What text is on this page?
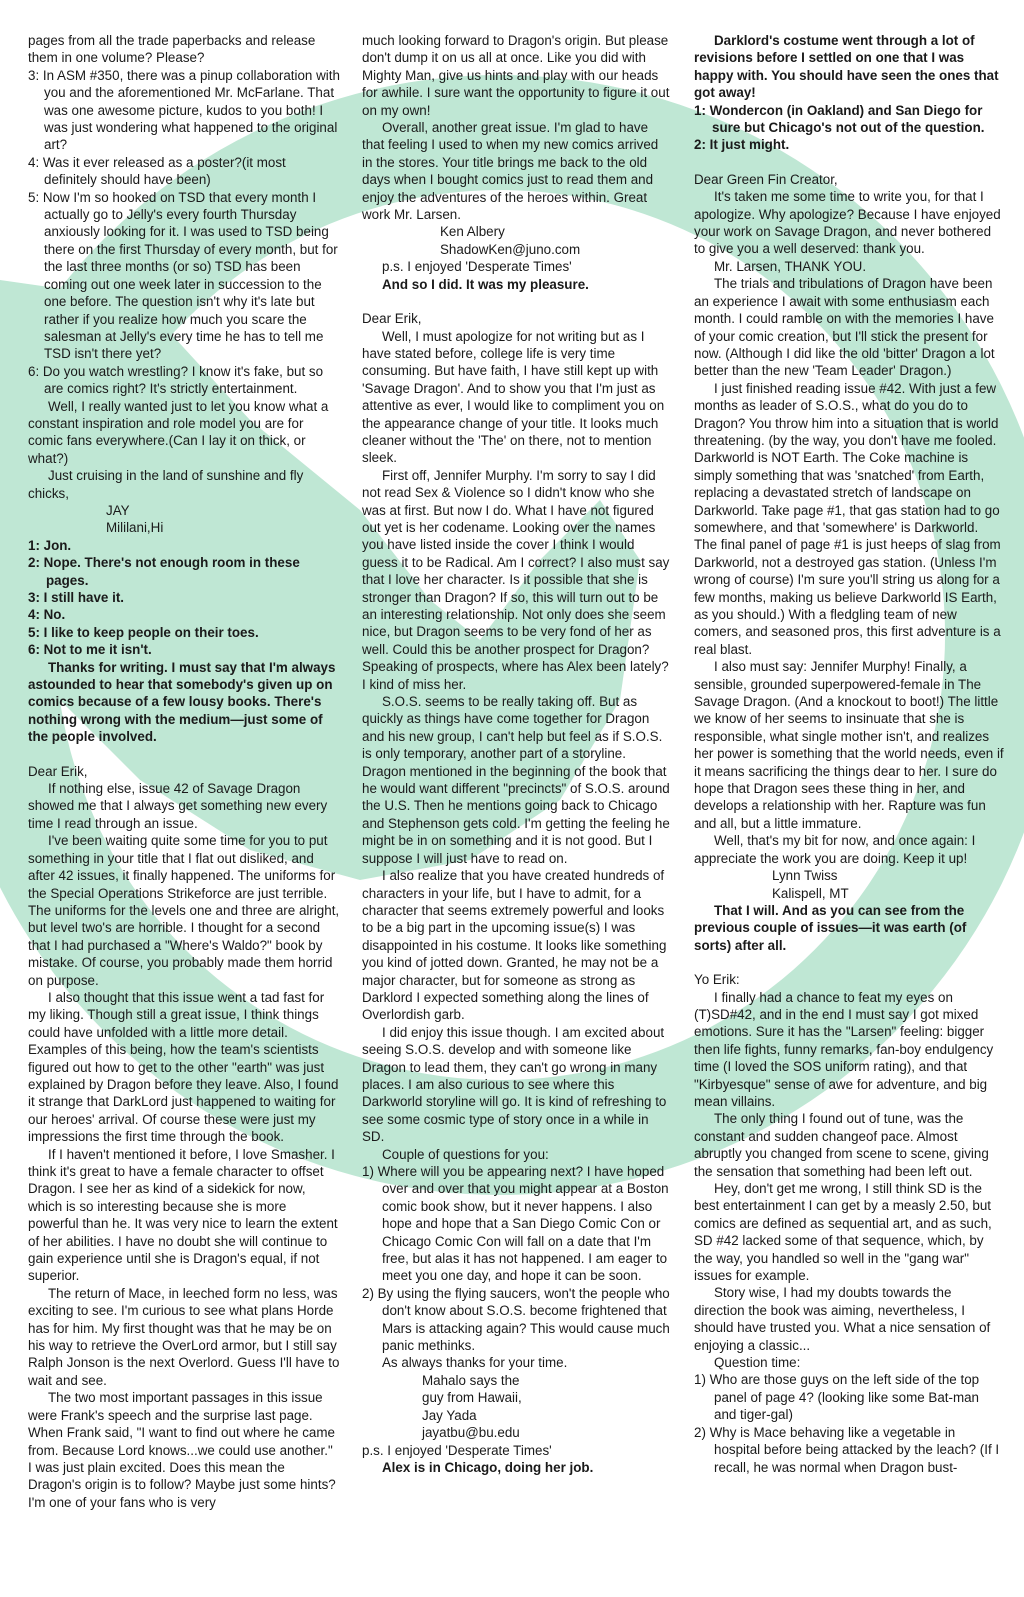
pages from all the trade paperbacks and release them in one volume? Please?

3: In ASM #350, there was a pinup collaboration with you and the aforementioned Mr. McFarlane. That was one awesome picture, kudos to you both! I was just wondering what happened to the original art?

4: Was it ever released as a poster?(it most definitely should have been)

5: Now I'm so hooked on TSD that every month I actually go to Jelly's every fourth Thursday anxiously looking for it. I was used to TSD being there on the first Thursday of every month, but for the last three months (or so) TSD has been coming out one week later in succession to the one before. The question isn't why it's late but rather if you realize how much you scare the salesman at Jelly's every time he has to tell me TSD isn't there yet?

6: Do you watch wrestling? I know it's fake, but so are comics right? It's strictly entertainment.

Well, I really wanted just to let you know what a constant inspiration and role model you are for comic fans everywhere.(Can I lay it on thick, or what?)

Just cruising in the land of sunshine and fly chicks,

JAY

Mililani,Hi

1: Jon.

2: Nope. There's not enough room in these pages.

3: I still have it.

4: No.

5: I like to keep people on their toes.

6: Not to me it isn't.

Thanks for writing. I must say that I'm always astounded to hear that somebody's given up on comics because of a few lousy books. There's nothing wrong with the medium—just some of the people involved.

Dear Erik,

If nothing else, issue 42 of Savage Dragon showed me that I always get something new every time I read through an issue.

I've been waiting quite some time for you to put something in your title that I flat out disliked, and after 42 issues, it finally happened. The uniforms for the Special Operations Strikeforce are just terrible. The uniforms for the levels one and three are alright, but level two's are horrible. I thought for a second that I had purchased a "Where's Waldo?" book by mistake. Of course, you probably made them horrid on purpose.

I also thought that this issue went a tad fast for my liking. Though still a great issue, I think things could have unfolded with a little more detail. Examples of this being, how the team's scientists figured out how to get to the other "earth" was just explained by Dragon before they leave. Also, I found it strange that DarkLord just happened to waiting for our heroes' arrival. Of course these were just my impressions the first time through the book.

If I haven't mentioned it before, I love Smasher. I think it's great to have a female character to offset Dragon. I see her as kind of a sidekick for now, which is so interesting because she is more powerful than he. It was very nice to learn the extent of her abilities. I have no doubt she will continue to gain experience until she is Dragon's equal, if not superior.

The return of Mace, in leeched form no less, was exciting to see. I'm curious to see what plans Horde has for him. My first thought was that he may be on his way to retrieve the OverLord armor, but I still say Ralph Jonson is the next Overlord. Guess I'll have to wait and see.

The two most important passages in this issue were Frank's speech and the surprise last page. When Frank said, "I want to find out where he came from. Because Lord knows...we could use another." I was just plain excited. Does this mean the Dragon's origin is to follow? Maybe just some hints? I'm one of your fans who is very

much looking forward to Dragon's origin. But please don't dump it on us all at once. Like you did with Mighty Man, give us hints and play with our heads for awhile. I sure want the opportunity to figure it out on my own!

Overall, another great issue. I'm glad to have that feeling I used to when my new comics arrived in the stores. Your title brings me back to the old days when I bought comics just to read them and enjoy the adventures of the heroes within. Great work Mr. Larsen.

Ken Albery

ShadowKen@juno.com

p.s. I enjoyed 'Desperate Times'

And so I did. It was my pleasure.

Dear Erik,

Well, I must apologize for not writing but as I have stated before, college life is very time consuming. But have faith, I have still kept up with 'Savage Dragon'. And to show you that I'm just as attentive as ever, I would like to compliment you on the appearance change of your title. It looks much cleaner without the 'The' on there, not to mention sleek.

First off, Jennifer Murphy. I'm sorry to say I did not read Sex & Violence so I didn't know who she was at first. But now I do. What I have not figured out yet is her codename. Looking over the names you have listed inside the cover I think I would guess it to be Radical. Am I correct? I also must say that I love her character. Is it possible that she is stronger than Dragon? If so, this will turn out to be an interesting relationship. Not only does she seem nice, but Dragon seems to be very fond of her as well. Could this be another prospect for Dragon? Speaking of prospects, where has Alex been lately? I kind of miss her.

S.O.S. seems to be really taking off. But as quickly as things have come together for Dragon and his new group, I can't help but feel as if S.O.S. is only temporary, another part of a storyline. Dragon mentioned in the beginning of the book that he would want different "precincts" of S.O.S. around the U.S. Then he mentions going back to Chicago and Stephenson gets cold. I'm getting the feeling he might be in on something and it is not good. But I suppose I will just have to read on.

I also realize that you have created hundreds of characters in your life, but I have to admit, for a character that seems extremely powerful and looks to be a big part in the upcoming issue(s) I was disappointed in his costume. It looks like something you kind of jotted down. Granted, he may not be a major character, but for someone as strong as Darklord I expected something along the lines of Overlordish garb.

I did enjoy this issue though. I am excited about seeing S.O.S. develop and with someone like Dragon to lead them, they can't go wrong in many places. I am also curious to see where this Darkworld storyline will go. It is kind of refreshing to see some cosmic type of story once in a while in SD.

Couple of questions for you:

1) Where will you be appearing next? I have hoped over and over that you might appear at a Boston comic book show, but it never happens. I also hope and hope that a San Diego Comic Con or Chicago Comic Con will fall on a date that I'm free, but alas it has not happened. I am eager to meet you one day, and hope it can be soon.

2) By using the flying saucers, won't the people who don't know about S.O.S. become frightened that Mars is attacking again? This would cause much panic methinks.

As always thanks for your time.

Mahalo says the

guy from Hawaii,

Jay Yada

jayatbu@bu.edu

p.s. I enjoyed 'Desperate Times'

Alex is in Chicago, doing her job.

Darklord's costume went through a lot of revisions before I settled on one that I was happy with. You should have seen the ones that got away!

1: Wondercon (in Oakland) and San Diego for sure but Chicago's not out of the question.

2: It just might.

Dear Green Fin Creator,

It's taken me some time to write you, for that I apologize. Why apologize? Because I have enjoyed your work on Savage Dragon, and never bothered to give you a well deserved: thank you.

Mr. Larsen, THANK YOU.

The trials and tribulations of Dragon have been an experience I await with some enthusiasm each month. I could ramble on with the memories I have of your comic creation, but I'll stick the present for now. (Although I did like the old 'bitter' Dragon a lot better than the new 'Team Leader' Dragon.)

I just finished reading issue #42. With just a few months as leader of S.O.S., what do you do to Dragon? You throw him into a situation that is world threatening. (by the way, you don't have me fooled. Darkworld is NOT Earth. The Coke machine is simply something that was 'snatched' from Earth, replacing a devastated stretch of landscape on Darkworld. Take page #1, that gas station had to go somewhere, and that 'somewhere' is Darkworld. The final panel of page #1 is just heeps of slag from Darkworld, not a destroyed gas station. (Unless I'm wrong of course) I'm sure you'll string us along for a few months, making us believe Darkworld IS Earth, as you should.) With a fledgling team of new comers, and seasoned pros, this first adventure is a real blast.

I also must say: Jennifer Murphy! Finally, a sensible, grounded superpowered-female in The Savage Dragon. (And a knockout to boot!) The little we know of her seems to insinuate that she is responsible, what single mother isn't, and realizes her power is something that the world needs, even if it means sacrificing the things dear to her. I sure do hope that Dragon sees these thing in her, and develops a relationship with her. Rapture was fun and all, but a little immature.

Well, that's my bit for now, and once again: I appreciate the work you are doing. Keep it up!

Lynn Twiss

Kalispell, MT

That I will. And as you can see from the previous couple of issues—it was earth (of sorts) after all.

Yo Erik:

I finally had a chance to feat my eyes on (T)SD#42, and in the end I must say I got mixed emotions. Sure it has the "Larsen" feeling: bigger then life fights, funny remarks, fan-boy endulgency time (I loved the SOS uniform rating), and that "Kirbyesque" sense of awe for adventure, and big mean villains.

The only thing I found out of tune, was the constant and sudden changeof pace. Almost abruptly you changed from scene to scene, giving the sensation that something had been left out.

Hey, don't get me wrong, I still think SD is the best entertainment I can get by a measly 2.50, but comics are defined as sequential art, and as such, SD #42 lacked some of that sequence, which, by the way, you handled so well in the "gang war" issues for example.

Story wise, I had my doubts towards the direction the book was aiming, nevertheless, I should have trusted you. What a nice sensation of enjoying a classic...

Question time:

1) Who are those guys on the left side of the top panel of page 4? (looking like some Bat-man and tiger-gal)

2) Why is Mace behaving like a vegetable in hospital before being attacked by the leach? (If I recall, he was normal when Dragon bust-
